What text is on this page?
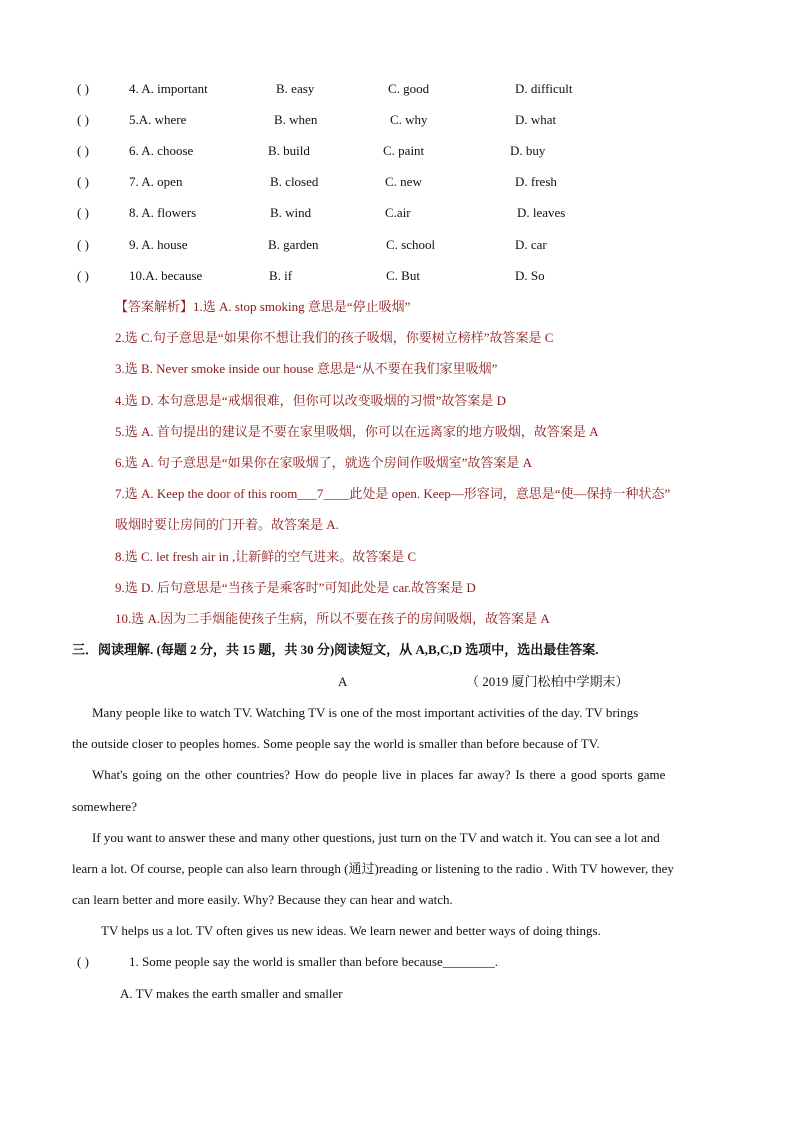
( )	4. A. important	B. easy	C. good	D. difficult
( )	5.A. where	B. when	C. why	D. what
( )	6. A. choose	B. build	C. paint	D. buy
( )	7. A. open	B. closed	C. new	D. fresh
( )	8. A. flowers	B. wind	C.air	D. leaves
( )	9. A. house	B. garden	C. school	D. car
( )	10.A. because	B. if	C. But	D. So
【答案解析】1.选 A. stop smoking 意思是“停止吸烟”
2.选 C.句子意思是“如果你不想让我们的孩子吸烟，你要树立榜样”故答案是 C
3.选 B. Never smoke inside our house 意思是“从不要在我们家里吸烟”
4.选 D. 本句意思是“戒烟很难，但你可以改变吸烟的习惯”故答案是 D
5.选 A. 首句提出的建议是不要在家里吸烟，你可以在远离家的地方吸烟，故答案是 A
6.选 A. 句子意思是“如果你在家吸烟了，就选个房间作吸烟室”故答案是 A
7.选 A. Keep the door of this room___7____此处是 open. Keep—形容词，意思是“使—保持一种状态”
吸烟时要让房间的门开着。故答案是 A.
8.选 C. let fresh air in ,让新鲜的空气进来。故答案是 C
9.选 D. 后句意思是“当孩子是乘客时”可知此处是 car.故答案是 D
10.选 A.因为二手烟能使孩子生病，所以不要在孩子的房间吸烟，故答案是 A
三．阅读理解. (每题 2 分，共 15 题，共 30 分)阅读短文，从 A,B,C,D 选项中，选出最佳答案.
A	（ 2019 厦门松柏中学期末）
Many people like to watch TV. Watching TV is one of the most important activities of the day. TV brings
the outside closer to peoples homes. Some people say the world is smaller than before because of TV.
What's going on the other countries? How do people live in places far away? Is there a good sports game
somewhere?
If you want to answer these and many other questions, just turn on the TV and watch it. You can see a lot and
learn a lot. Of course, people can also learn through (通过)reading or listening to the radio . With TV however, they
can learn better and more easily. Why? Because they can hear and watch.
TV helps us a lot. TV often gives us new ideas. We learn newer and better ways of doing things.
( )	1. Some people say the world is smaller than before because________.
A. TV makes the earth smaller and smaller
